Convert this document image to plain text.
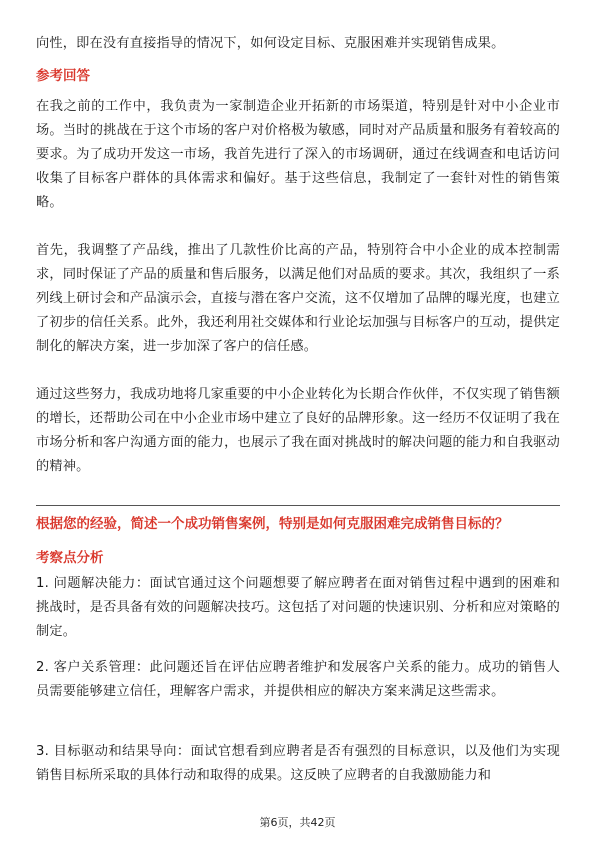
向性，即在没有直接指导的情况下，如何设定目标、克服困难并实现销售成果。

参考回答

在我之前的工作中，我负责为一家制造企业开拓新的市场渠道，特别是针对中小企业市场。当时的挑战在于这个市场的客户对价格极为敏感，同时对产品质量和服务有着较高的要求。为了成功开发这一市场，我首先进行了深入的市场调研，通过在线调查和电话访问收集了目标客户群体的具体需求和偏好。基于这些信息，我制定了一套针对性的销售策略。

首先，我调整了产品线，推出了几款性价比高的产品，特别符合中小企业的成本控制需求，同时保证了产品的质量和售后服务，以满足他们对品质的要求。其次，我组织了一系列线上研讨会和产品演示会，直接与潜在客户交流，这不仅增加了品牌的曝光度，也建立了初步的信任关系。此外，我还利用社交媒体和行业论坛加强与目标客户的互动，提供定制化的解决方案，进一步加深了客户的信任感。

通过这些努力，我成功地将几家重要的中小企业转化为长期合作伙伴，不仅实现了销售额的增长，还帮助公司在中小企业市场中建立了良好的品牌形象。这一经历不仅证明了我在市场分析和客户沟通方面的能力，也展示了我在面对挑战时的解决问题的能力和自我驱动的精神。

根据您的经验，简述一个成功销售案例，特别是如何克服困难完成销售目标的？

考察点分析

1. 问题解决能力：面试官通过这个问题想要了解应聘者在面对销售过程中遇到的困难和挑战时，是否具备有效的问题解决技巧。这包括了对问题的快速识别、分析和应对策略的制定。

2. 客户关系管理：此问题还旨在评估应聘者维护和发展客户关系的能力。成功的销售人员需要能够建立信任，理解客户需求，并提供相应的解决方案来满足这些需求。

3. 目标驱动和结果导向：面试官想看到应聘者是否有强烈的目标意识，以及他们为实现销售目标所采取的具体行动和取得的成果。这反映了应聘者的自我激励能力和

第6页，共42页
